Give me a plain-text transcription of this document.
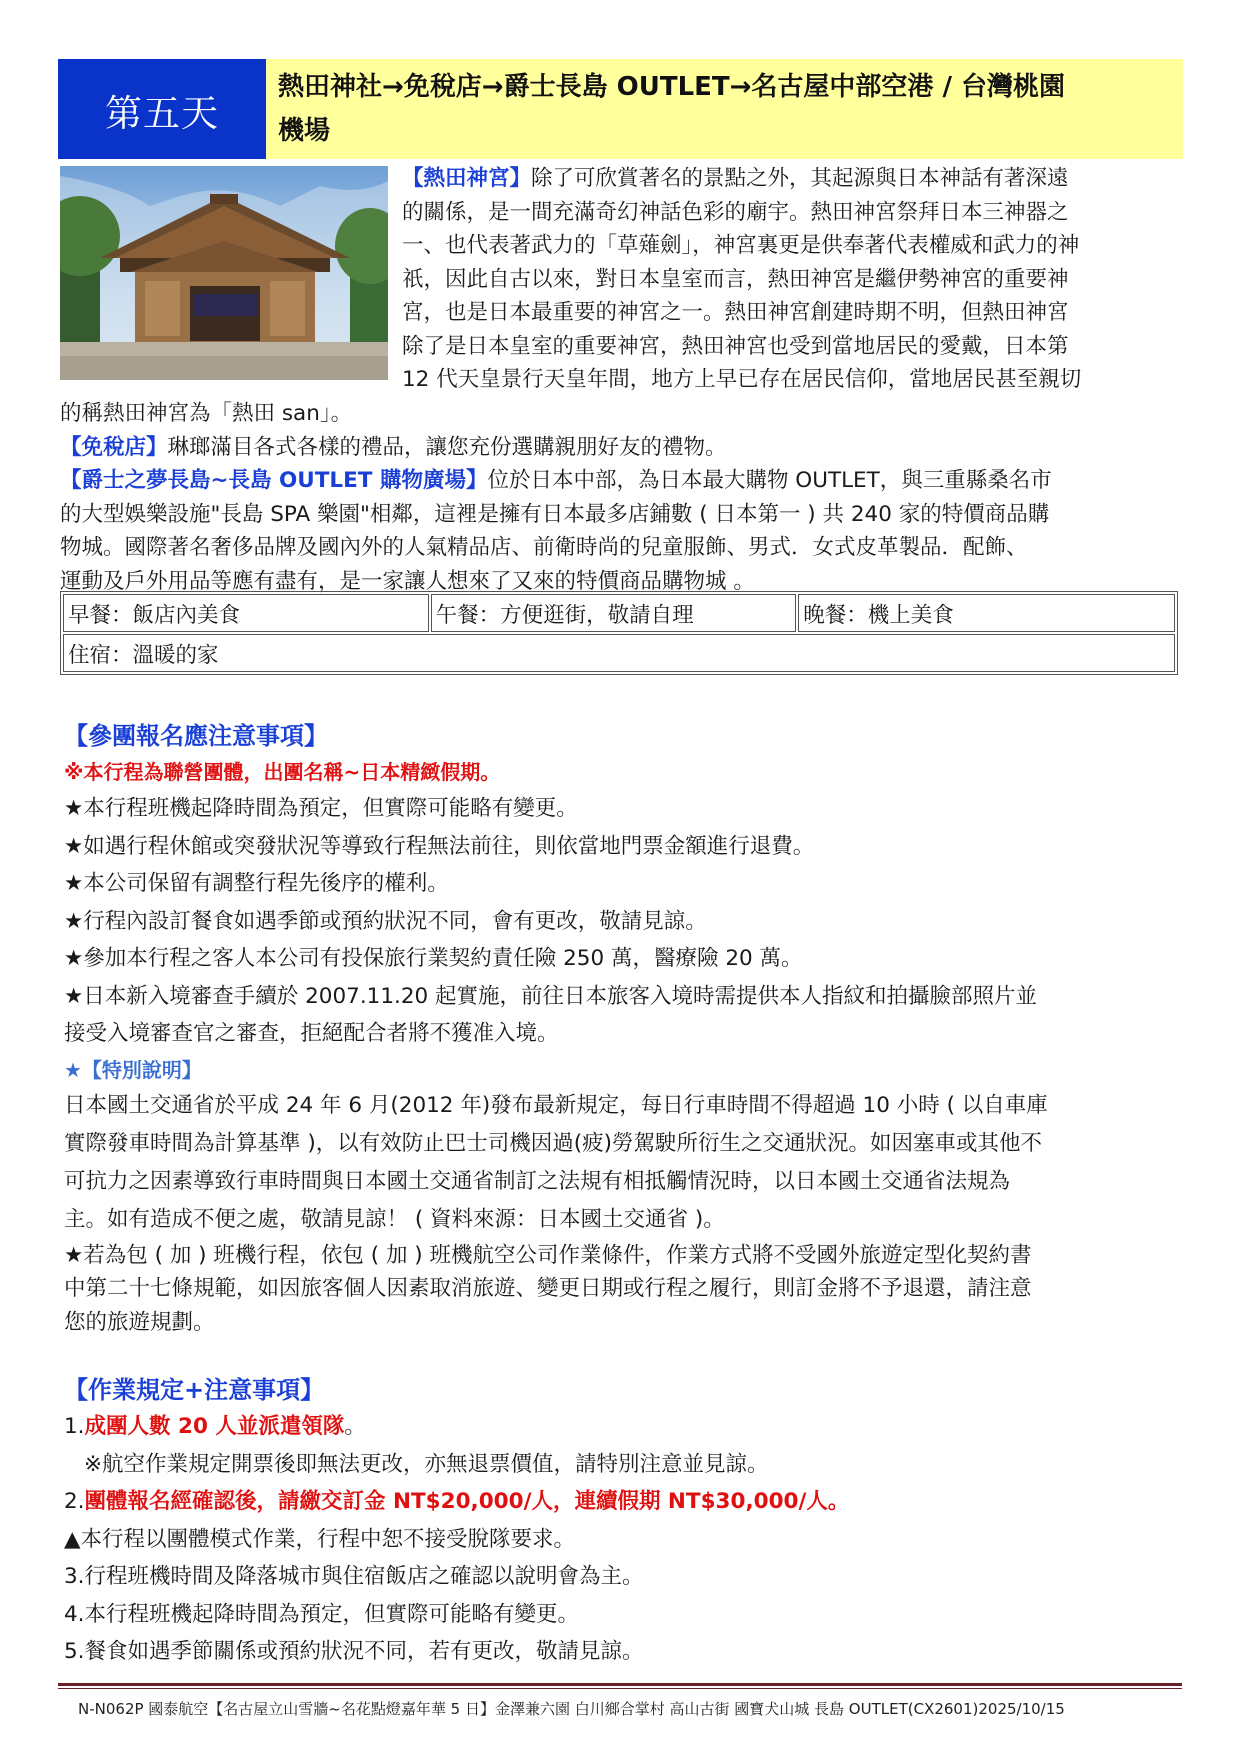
第五天
熱田神社→免稅店→爵士長島 OUTLET→名古屋中部空港 / 台灣桃園
機場
【熱田神宮】除了可欣賞著名的景點之外，其起源與日本神話有著深遠
的關係，是一間充滿奇幻神話色彩的廟宇。熱田神宮祭拜日本三神器之
一、也代表著武力的「草薙劍」，神宮裏更是供奉著代表權威和武力的神
祇，因此自古以來，對日本皇室而言，熱田神宮是繼伊勢神宮的重要神
宮，也是日本最重要的神宮之一。熱田神宮創建時期不明，但熱田神宮
除了是日本皇室的重要神宮，熱田神宮也受到當地居民的愛戴，日本第
12 代天皇景行天皇年間，地方上早已存在居民信仰，當地居民甚至親切
的稱熱田神宮為「熱田 san」。
【免稅店】琳瑯滿目各式各樣的禮品，讓您充份選購親朋好友的禮物。
【爵士之夢長島~長島 OUTLET 購物廣場】位於日本中部，為日本最大購物 OUTLET，與三重縣桑名市
的大型娛樂設施"長島 SPA 樂園"相鄰，這裡是擁有日本最多店鋪數 ( 日本第一 ) 共 240 家的特價商品購
物城。國際著名奢侈品牌及國內外的人氣精品店、前衛時尚的兒童服飾、男式．女式皮革製品．配飾、
運動及戶外用品等應有盡有，是一家讓人想來了又來的特價商品購物城 。
早餐：飯店內美食	午餐：方便逛街，敬請自理	晚餐：機上美食
住宿：溫暖的家
【參團報名應注意事項】
※本行程為聯營團體，出團名稱~日本精緻假期。
★本行程班機起降時間為預定，但實際可能略有變更。
★如遇行程休館或突發狀況等導致行程無法前往，則依當地門票金額進行退費。
★本公司保留有調整行程先後序的權利。
★行程內設訂餐食如遇季節或預約狀況不同，會有更改，敬請見諒。
★參加本行程之客人本公司有投保旅行業契約責任險 250 萬，醫療險 20 萬。
★日本新入境審查手續於 2007.11.20 起實施，前往日本旅客入境時需提供本人指紋和拍攝臉部照片並
接受入境審查官之審查，拒絕配合者將不獲准入境。
★【特別說明】
日本國土交通省於平成 24 年 6 月(2012 年)發布最新規定，每日行車時間不得超過 10 小時 ( 以自車庫
實際發車時間為計算基準 )，以有效防止巴士司機因過(疲)勞駕駛所衍生之交通狀況。如因塞車或其他不
可抗力之因素導致行車時間與日本國土交通省制訂之法規有相抵觸情況時，以日本國土交通省法規為
主。如有造成不便之處，敬請見諒！ ( 資料來源：日本國土交通省 )。
★若為包 ( 加 ) 班機行程，依包 ( 加 ) 班機航空公司作業條件，作業方式將不受國外旅遊定型化契約書
中第二十七條規範，如因旅客個人因素取消旅遊、變更日期或行程之履行，則訂金將不予退還，請注意
您的旅遊規劃。
【作業規定+注意事項】
1.成團人數 20 人並派遣領隊。
※航空作業規定開票後即無法更改，亦無退票價值，請特別注意並見諒。
2.團體報名經確認後，請繳交訂金 NT$20,000/人，連續假期 NT$30,000/人。
▲本行程以團體模式作業，行程中恕不接受脫隊要求。
3.行程班機時間及降落城市與住宿飯店之確認以說明會為主。
4.本行程班機起降時間為預定，但實際可能略有變更。
5.餐食如遇季節關係或預約狀況不同，若有更改，敬請見諒。
N-N062P 國泰航空【名古屋立山雪牆~名花點燈嘉年華 5 日】金澤兼六園 白川鄉合掌村 高山古街 國寶犬山城 長島 OUTLET(CX2601)2025/10/15
